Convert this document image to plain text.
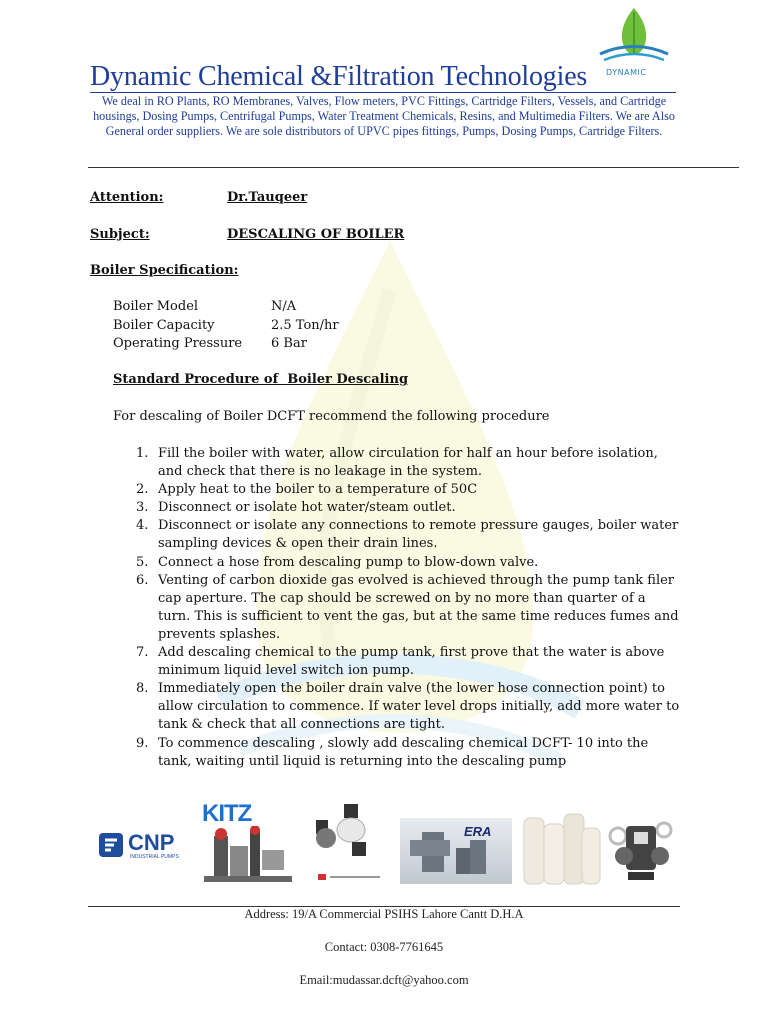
DYNAMIC
Dynamic Chemical &Filtration Technologies
We deal in RO Plants, RO Membranes, Valves, Flow meters, PVC Fittings, Cartridge Filters, Vessels, and Cartridge housings, Dosing Pumps, Centrifugal Pumps, Water Treatment Chemicals, Resins, and Multimedia Filters. We are Also General order suppliers. We are sole distributors of UPVC pipes fittings, Pumps, Dosing Pumps, Cartridge Filters.
Attention:	Dr.Tauqeer
Subject:	DESCALING OF BOILER
Boiler Specification:
Boiler Model	N/A
Boiler Capacity	2.5 Ton/hr
Operating Pressure 6 Bar
Standard Procedure of  Boiler Descaling
For descaling of Boiler DCFT recommend the following procedure
1. Fill the boiler with water, allow circulation for half an hour before isolation, and check that there is no leakage in the system.
2. Apply heat to the boiler to a temperature of 50C
3. Disconnect or isolate hot water/steam outlet.
4. Disconnect or isolate any connections to remote pressure gauges, boiler water sampling devices & open their drain lines.
5. Connect a hose from descaling pump to blow-down valve.
6. Venting of carbon dioxide gas evolved is achieved through the pump tank filer cap aperture. The cap should be screwed on by no more than quarter of a turn. This is sufficient to vent the gas, but at the same time reduces fumes and prevents splashes.
7. Add descaling chemical to the pump tank, first prove that the water is above minimum liquid level switch ion pump.
8. Immediately open the boiler drain valve (the lower hose connection point) to allow circulation to commence. If water level drops initially, add more water to tank & check that all connections are tight.
9. To commence descaling , slowly add descaling chemical DCFT- 10 into the tank, waiting until liquid is returning into the descaling pump
CNP
INDUSTRIAL PUMPS
KITZ
ERA
Address: 19/A Commercial PSIHS Lahore Cantt D.H.A
Contact: 0308-7761645
Email:mudassar.dcft@yahoo.com
